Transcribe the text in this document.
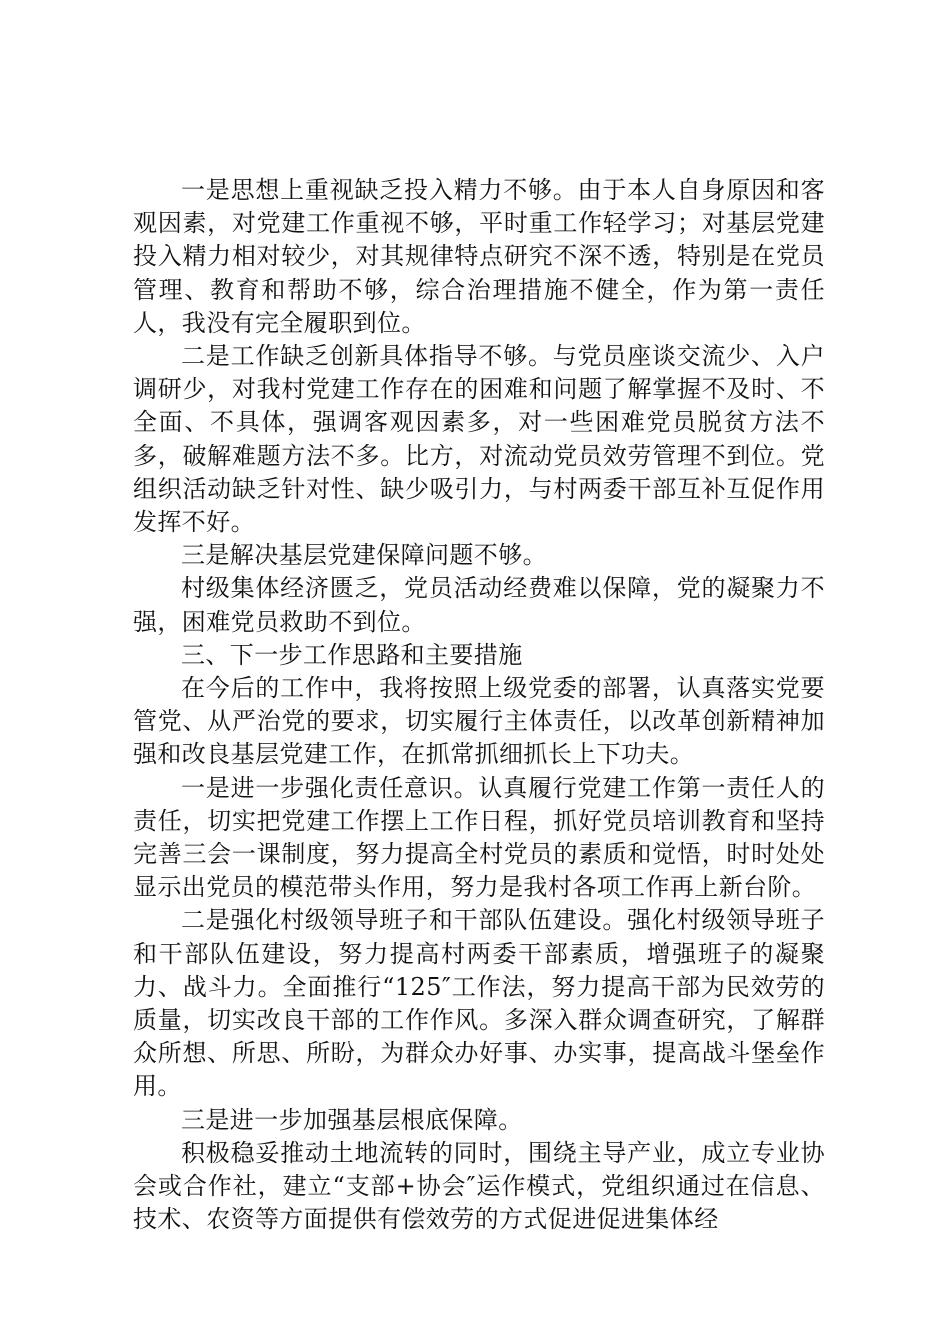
一是思想上重视缺乏投入精力不够。由于本人自身原因和客观因素，对党建工作重视不够，平时重工作轻学习；对基层党建投入精力相对较少，对其规律特点研究不深不透，特别是在党员管理、教育和帮助不够，综合治理措施不健全，作为第一责任人，我没有完全履职到位。

二是工作缺乏创新具体指导不够。与党员座谈交流少、入户调研少，对我村党建工作存在的困难和问题了解掌握不及时、不全面、不具体，强调客观因素多，对一些困难党员脱贫方法不多，破解难题方法不多。比方，对流动党员效劳管理不到位。党组织活动缺乏针对性、缺少吸引力，与村两委干部互补互促作用发挥不好。

三是解决基层党建保障问题不够。

村级集体经济匮乏，党员活动经费难以保障，党的凝聚力不强，困难党员救助不到位。

三、下一步工作思路和主要措施

在今后的工作中，我将按照上级党委的部署，认真落实党要管党、从严治党的要求，切实履行主体责任，以改革创新精神加强和改良基层党建工作，在抓常抓细抓长上下功夫。

一是进一步强化责任意识。认真履行党建工作第一责任人的责任，切实把党建工作摆上工作日程，抓好党员培训教育和坚持完善三会一课制度，努力提高全村党员的素质和觉悟，时时处处显示出党员的模范带头作用，努力是我村各项工作再上新台阶。

二是强化村级领导班子和干部队伍建设。强化村级领导班子和干部队伍建设，努力提高村两委干部素质，增强班子的凝聚力、战斗力。全面推行“125″工作法，努力提高干部为民效劳的质量，切实改良干部的工作作风。多深入群众调查研究，了解群众所想、所思、所盼，为群众办好事、办实事，提高战斗堡垒作用。

三是进一步加强基层根底保障。

积极稳妥推动土地流转的同时，围绕主导产业，成立专业协会或合作社，建立“支部+协会″运作模式，党组织通过在信息、技术、农资等方面提供有偿效劳的方式促进促进集体经
